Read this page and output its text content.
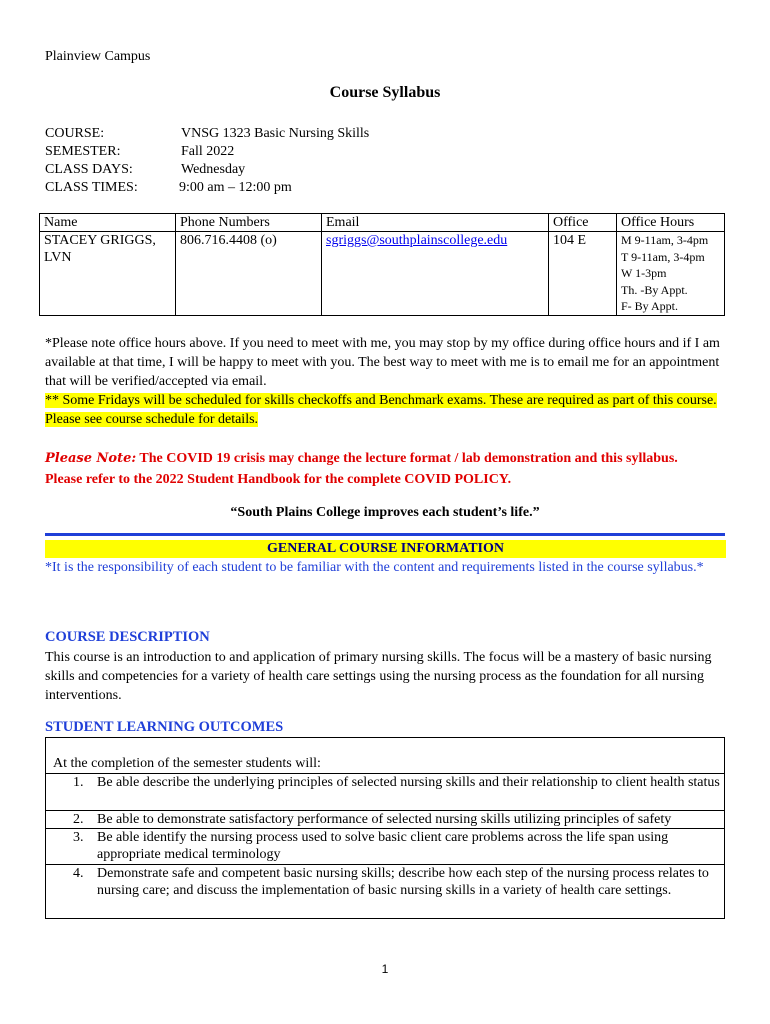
Plainview Campus
Course Syllabus
COURSE:	VNSG 1323 Basic Nursing Skills
SEMESTER:	Fall 2022
CLASS DAYS:	Wednesday
CLASS TIMES:	9:00 am – 12:00 pm
Name	Phone Numbers	Email	Office	Office Hours
STACEY GRIGGS, LVN	806.716.4408 (o)	sgriggs@southplainscollege.edu	104 E	M 9-11am, 3-4pm
T 9-11am, 3-4pm
W 1-3pm
Th. -By Appt.
F- By Appt.
*Please note office hours above. If you need to meet with me, you may stop by my office during office hours and if I am available at that time, I will be happy to meet with you. The best way to meet with me is to email me for an appointment that will be verified/accepted via email.
** Some Fridays will be scheduled for skills checkoffs and Benchmark exams. These are required as part of this course. Please see course schedule for details.
Please Note: The COVID 19 crisis may change the lecture format / lab demonstration and this syllabus.
Please refer to the 2022 Student Handbook for the complete COVID POLICY.
“South Plains College improves each student’s life.”
GENERAL COURSE INFORMATION
*It is the responsibility of each student to be familiar with the content and requirements listed in the course syllabus.*
COURSE DESCRIPTION
This course is an introduction to and application of primary nursing skills. The focus will be a mastery of basic nursing skills and competencies for a variety of health care settings using the nursing process as the foundation for all nursing interventions.
STUDENT LEARNING OUTCOMES
At the completion of the semester students will:
1. Be able describe the underlying principles of selected nursing skills and their relationship to client health status
2. Be able to demonstrate satisfactory performance of selected nursing skills utilizing principles of safety
3. Be able identify the nursing process used to solve basic client care problems across the life span using appropriate medical terminology
4. Demonstrate safe and competent basic nursing skills; describe how each step of the nursing process relates to nursing care; and discuss the implementation of basic nursing skills in a variety of health care settings.
1
